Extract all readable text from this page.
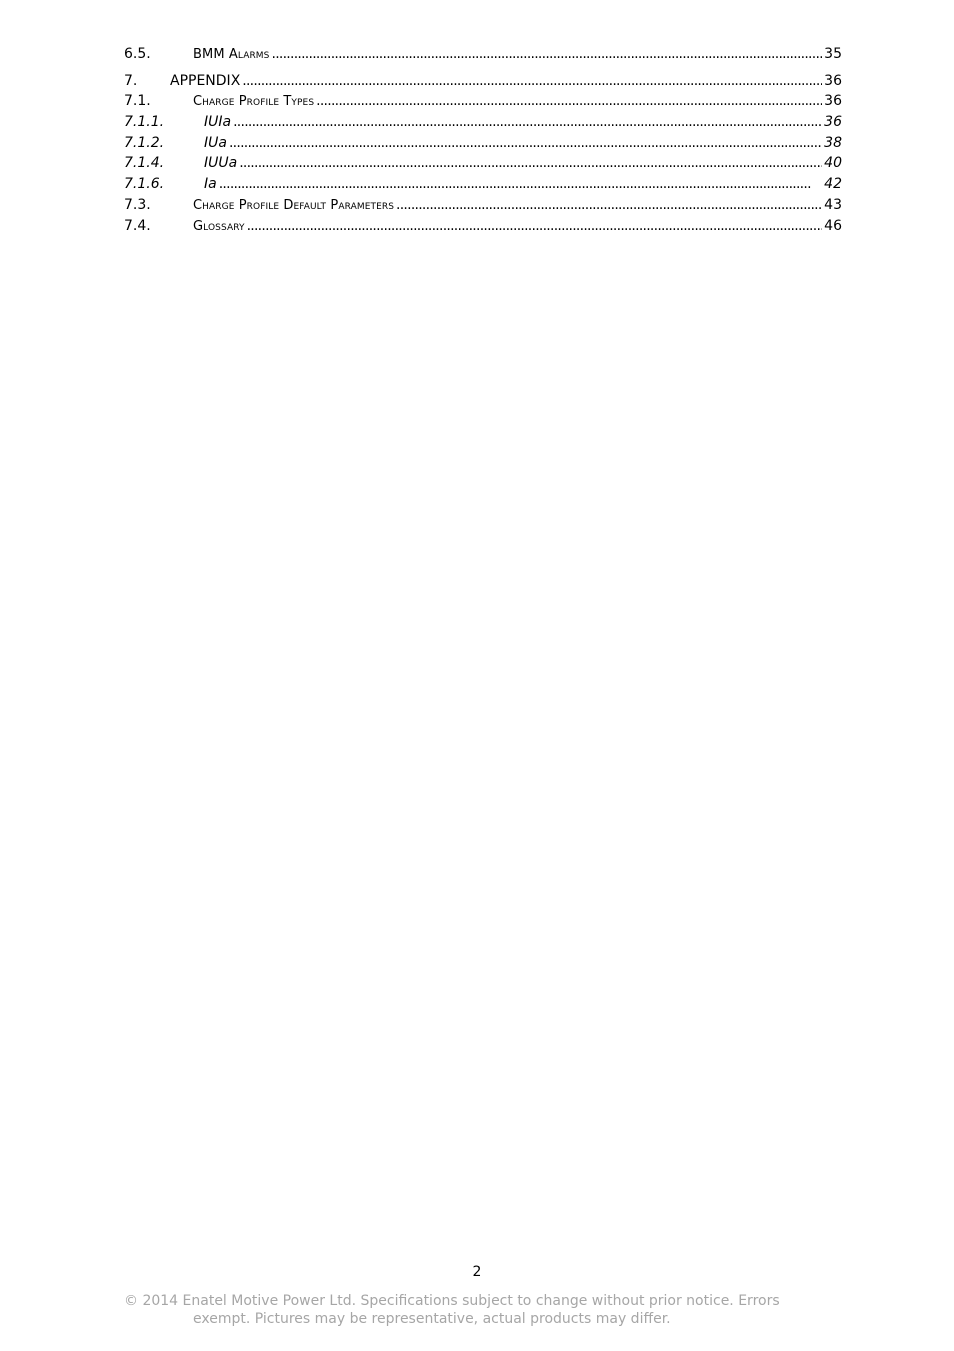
6.5.	BMM Alarms . . .	35
7.	APPENDIX . . .	36
7.1.	Charge Profile Types . . .	36
7.1.1.	IUIa . . .	36
7.1.2.	IUa . . .	38
7.1.4.	IUUa . . .	40
7.1.6.	Ia . . .	42
7.3.	Charge Profile Default Parameters . . .	43
7.4.	Glossary . . .	46
2
© 2014 Enatel Motive Power Ltd. Specifications subject to change without prior notice. Errors
exempt. Pictures may be representative, actual products may differ.
